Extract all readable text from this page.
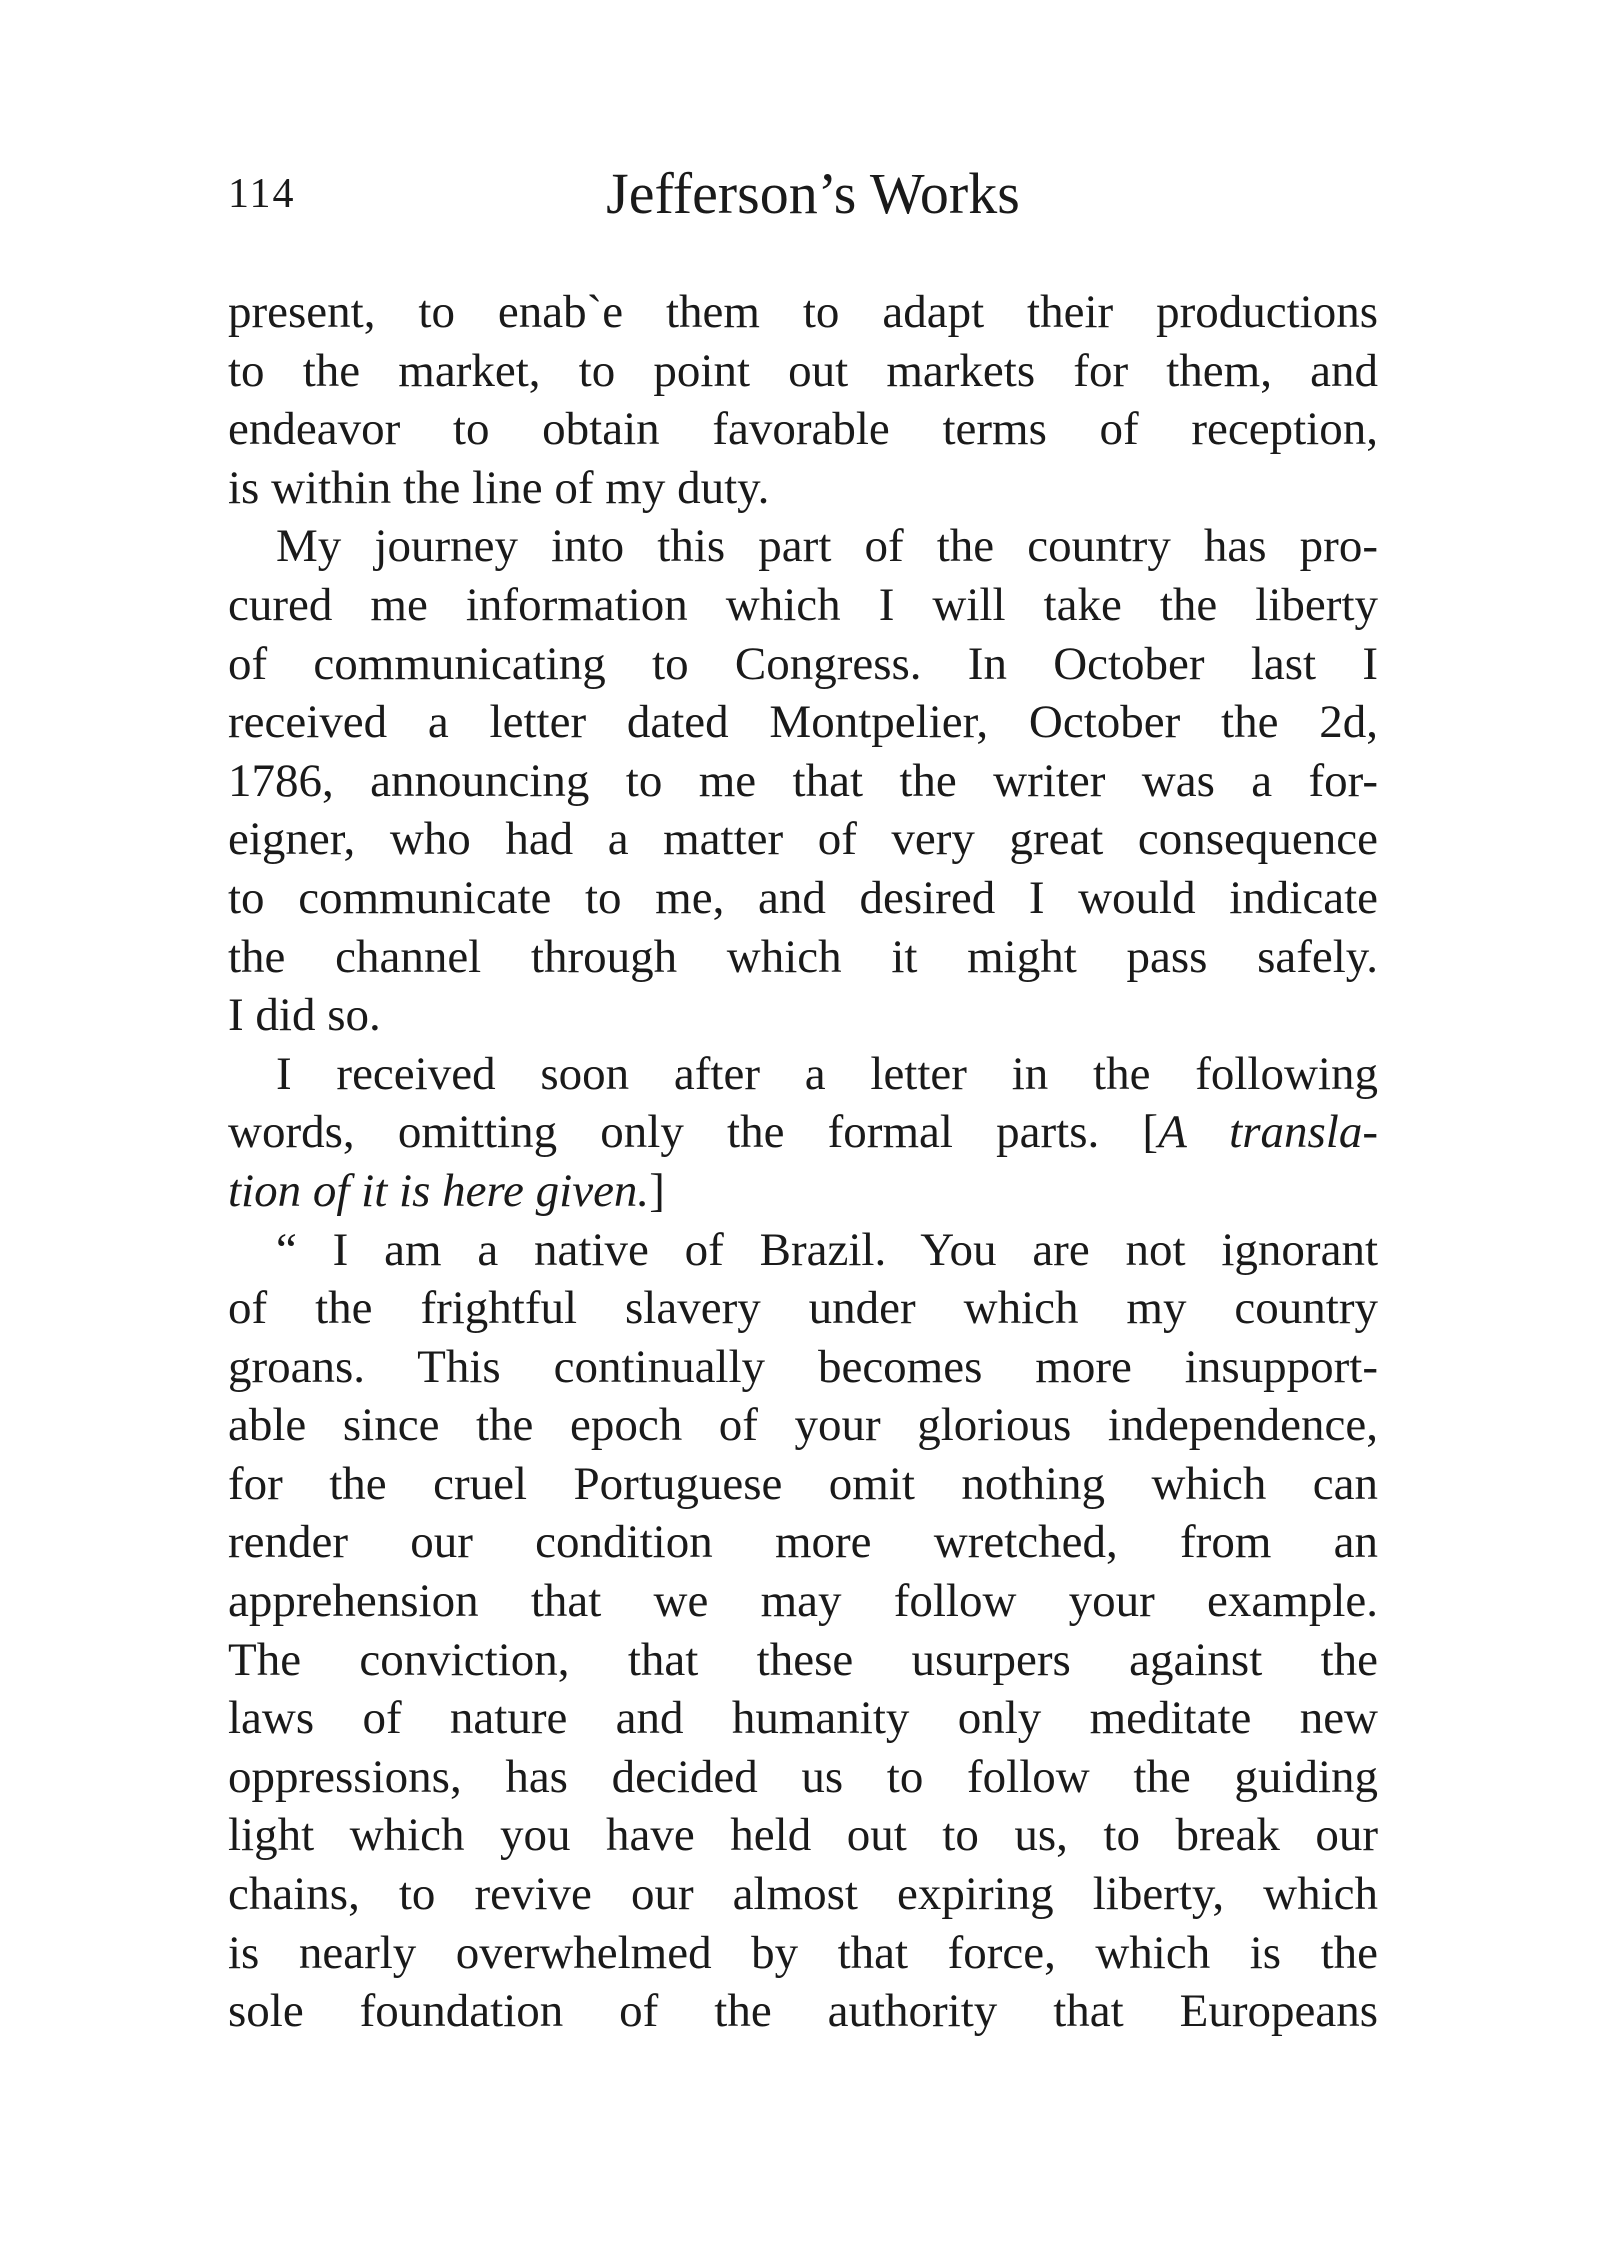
114	Jefferson’s Works
present, to enab`e them to adapt their productions
to the market, to point out markets for them, and
endeavor to obtain favorable terms of reception,
is within the line of my duty.
My journey into this part of the country has pro-
cured me information which I will take the liberty
of communicating to Congress. In October last I
received a letter dated Montpelier, October the 2d,
1786, announcing to me that the writer was a for-
eigner, who had a matter of very great consequence
to communicate to me, and desired I would indicate
the channel through which it might pass safely.
I did so.
I received soon after a letter in the following
words, omitting only the formal parts. [A transla-
tion of it is here given.]
“ I am a native of Brazil. You are not ignorant
of the frightful slavery under which my country
groans. This continually becomes more insupport-
able since the epoch of your glorious independence,
for the cruel Portuguese omit nothing which can
render our condition more wretched, from an
apprehension that we may follow your example.
The conviction, that these usurpers against the
laws of nature and humanity only meditate new
oppressions, has decided us to follow the guiding
light which you have held out to us, to break our
chains, to revive our almost expiring liberty, which
is nearly overwhelmed by that force, which is the
sole foundation of the authority that Europeans
